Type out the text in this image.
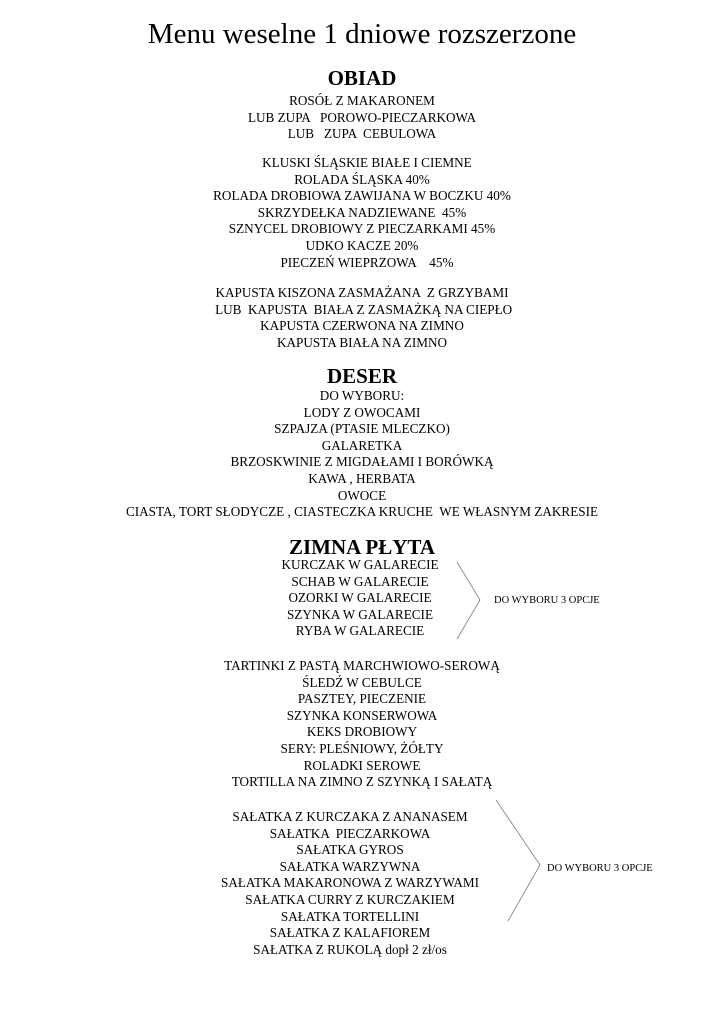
Menu weselne 1 dniowe rozszerzone
OBIAD
ROSÓŁ Z MAKARONEM
LUB ZUPA   POROWO-PIECZARKOWA
LUB   ZUPA  CEBULOWA
KLUSKI ŚLĄSKIE BIAŁE I CIEMNE
ROLADA ŚLĄSKA 40%
ROLADA DROBIOWA ZAWIJANA W BOCZKU 40%
SKRZYDEŁKA NADZIEWANE  45%
SZNYCEL DROBIOWY Z PIECZARKAMI 45%
UDKO KACZE 20%
PIECZEŃ WIEPRZOWA    45%
KAPUSTA KISZONA ZASMAŻANA  Z GRZYBAMI
LUB  KAPUSTA  BIAŁA Z ZASMAŻKĄ NA CIEPŁO
KAPUSTA CZERWONA NA ZIMNO
KAPUSTA BIAŁA NA ZIMNO
DESER
DO WYBORU:
LODY Z OWOCAMI
SZPAJZA (PTASIE MLECZKO)
GALARETKA
BRZOSKWINIE Z MIGDAŁAMI I BORÓWKĄ
KAWA , HERBATA
OWOCE
CIASTA, TORT SŁODYCZE , CIASTECZKA KRUCHE  WE WŁASNYM ZAKRESIE
ZIMNA PŁYTA
KURCZAK W GALARECIE
SCHAB W GALARECIE
OZORKI W GALARECIE
SZYNKA W GALARECIE
RYBA W GALARECIE
DO WYBORU 3 OPCJE
TARTINKI Z PASTĄ MARCHWIOWO-SEROWĄ
ŚLEDŹ W CEBULCE
PASZTEY, PIECZENIE
SZYNKA KONSERWOWA
KEKS DROBIOWY
SERY: PLEŚNIOWY, ŻÓŁTY
ROLADKI SEROWE
TORTILLA NA ZIMNO Z SZYNKĄ I SAŁATĄ
SAŁATKA Z KURCZAKA Z ANANASEM
SAŁATKA  PIECZARKOWA
SAŁATKA GYROS
SAŁATKA WARZYWNA
SAŁATKA MAKARONOWA Z WARZYWAMI
SAŁATKA CURRY Z KURCZAKIEM
SAŁATKA TORTELLINI
SAŁATKA Z KALAFIOREM
SAŁATKA Z RUKOLĄ dopł 2 zł/os
DO WYBORU 3 OPCJE
